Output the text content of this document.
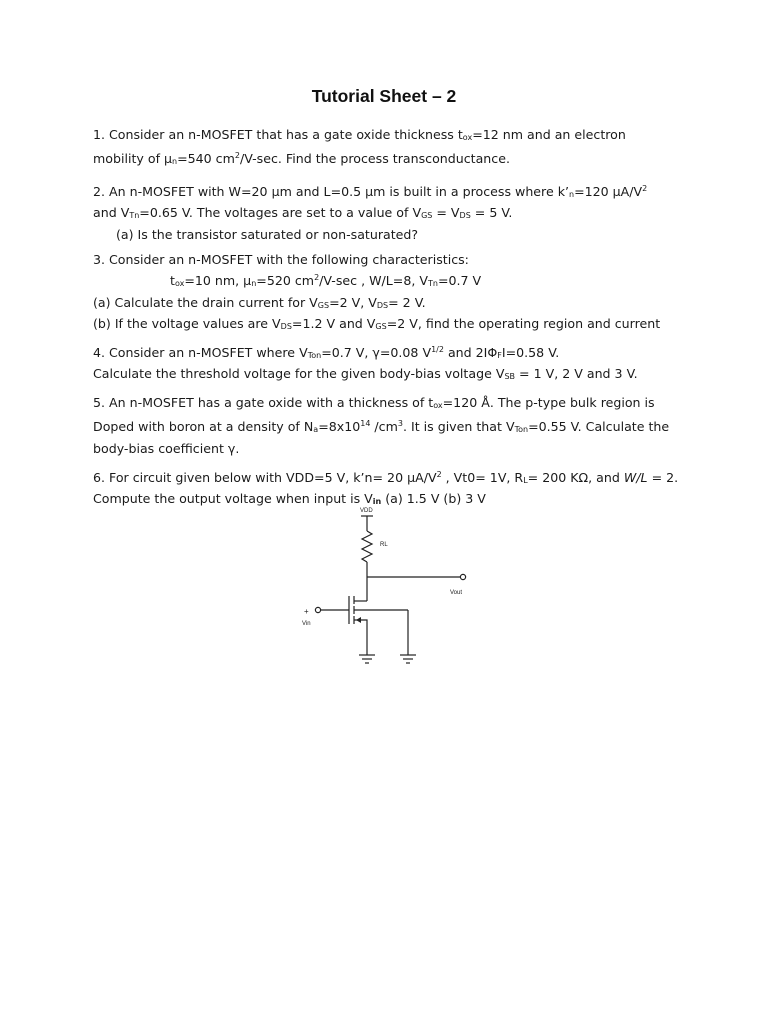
Tutorial Sheet – 2
1. Consider an n-MOSFET that has a gate oxide thickness tox=12 nm and an electron
mobility of μn=540 $cm^2/V-\sec$. Find the process transconductance.
2. An n-MOSFET with W=20 μm and L=0.5 μm is built in a process where k’n=120 $\mu A/V^2$
and VTn=0.65 V. The voltages are set to a value of VGS = VDS = 5 V.
(a) Is the transistor saturated or non-saturated?
3. Consider an n-MOSFET with the following characteristics:
tox=10 nm, μn=520 $cm^2/V-\sec$ , W/L=8, VTn=0.7 V
(a) Calculate the drain current for VGS=2 V, VDS= 2 V.
(b) If the voltage values are VDS=1.2 V and VGS=2 V, find the operating region and current
4. Consider an n-MOSFET where VTon=0.7 V, γ=0.08 $V^{1/2}$ and 2IΦFI=0.58 V.
Calculate the threshold voltage for the given body-bias voltage VSB = 1 V, 2 V and 3 V.
5. An n-MOSFET has a gate oxide with a thickness of tox=120 Å. The p-type bulk region is
Doped with boron at a density of $Na=8x10^{14}$ $/cm^3$. It is given that VTon=0.55 V. Calculate the
body-bias coefficient γ.
6. For circuit given below with VDD=5 V, k’n= 20 $\mu A/V^2$ , Vt0= 1V, RL= 200 KΩ, and W/L = 2.
Compute the output voltage when input is Vin (a) 1.5 V (b) 3 V
VDD
RL
Vout
Vin
+
